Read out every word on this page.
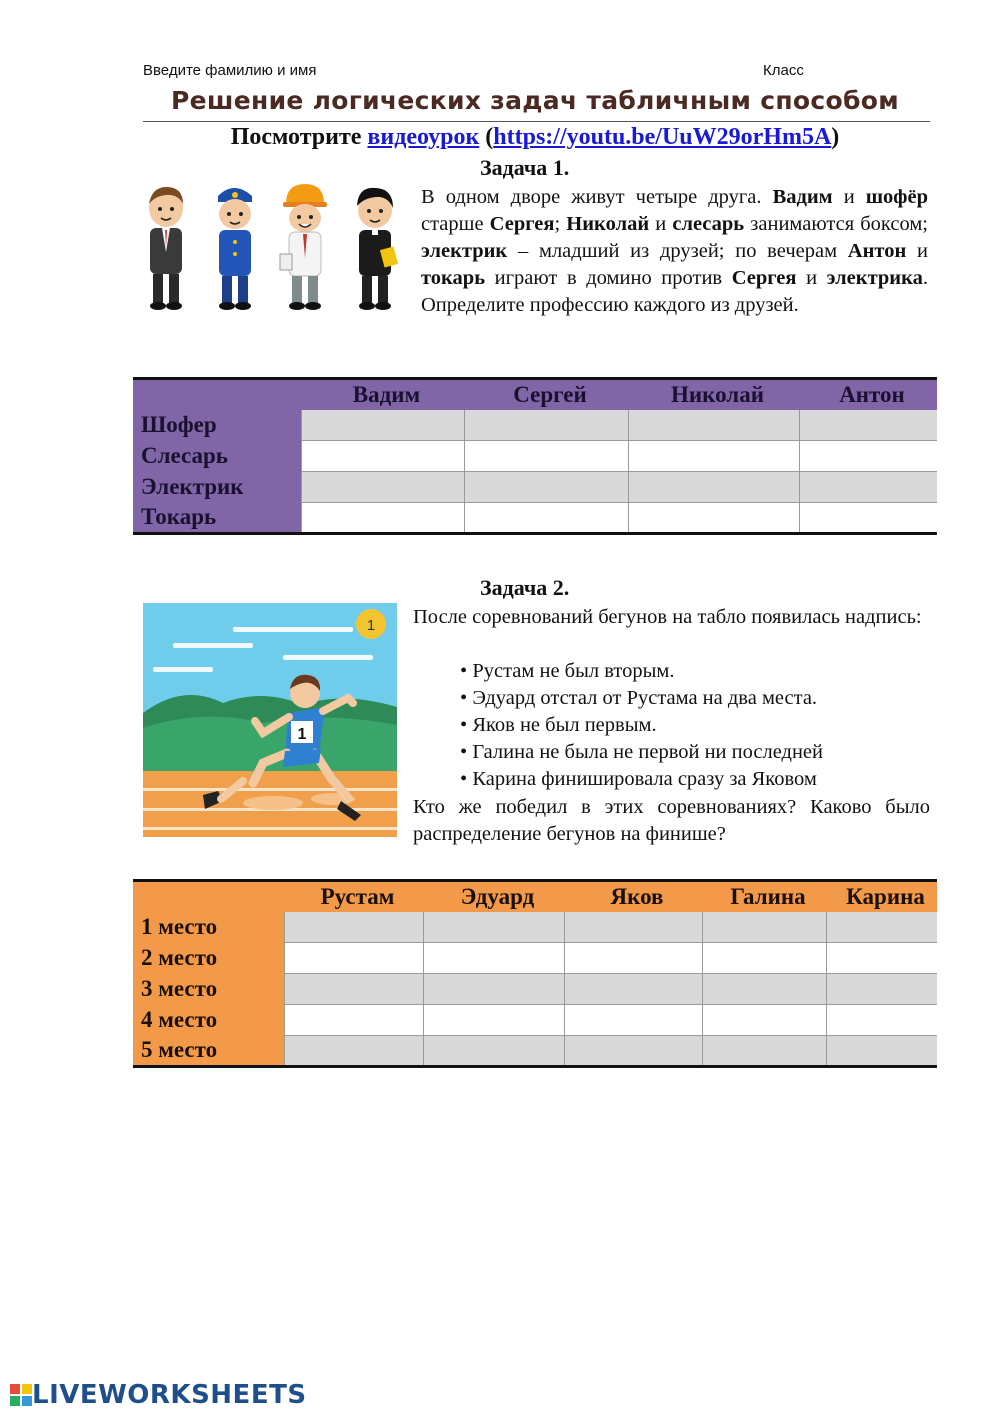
Введите фамилию и имя	Класс
Решение логических задач табличным способом
Посмотрите видеоурок (https://youtu.be/UuW29orHm5A)
Задача 1.
В одном дворе живут четыре друга. Вадим и шофёр старше Сергея; Николай и слесарь занимаются боксом; электрик – младший из друзей; по вечерам Антон и токарь играют в домино против Сергея и электрика. Определите профессию каждого из друзей.
	Вадим	Сергей	Николай	Антон
Шофер				
Слесарь				
Электрик				
Токарь				
Задача 2.
1
1
После соревнований бегунов на табло появилась надпись:
• Рустам не был вторым.
• Эдуард отстал от Рустама на два места.
• Яков не был первым.
• Галина не была не первой ни последней
• Карина финишировала сразу за Яковом
Кто же победил в этих соревнованиях? Каково было распределение бегунов на финише?
	Рустам	Эдуард	Яков	Галина	Карина
1 место					
2 место					
3 место					
4 место					
5 место					
LIVEWORKSHEETS
